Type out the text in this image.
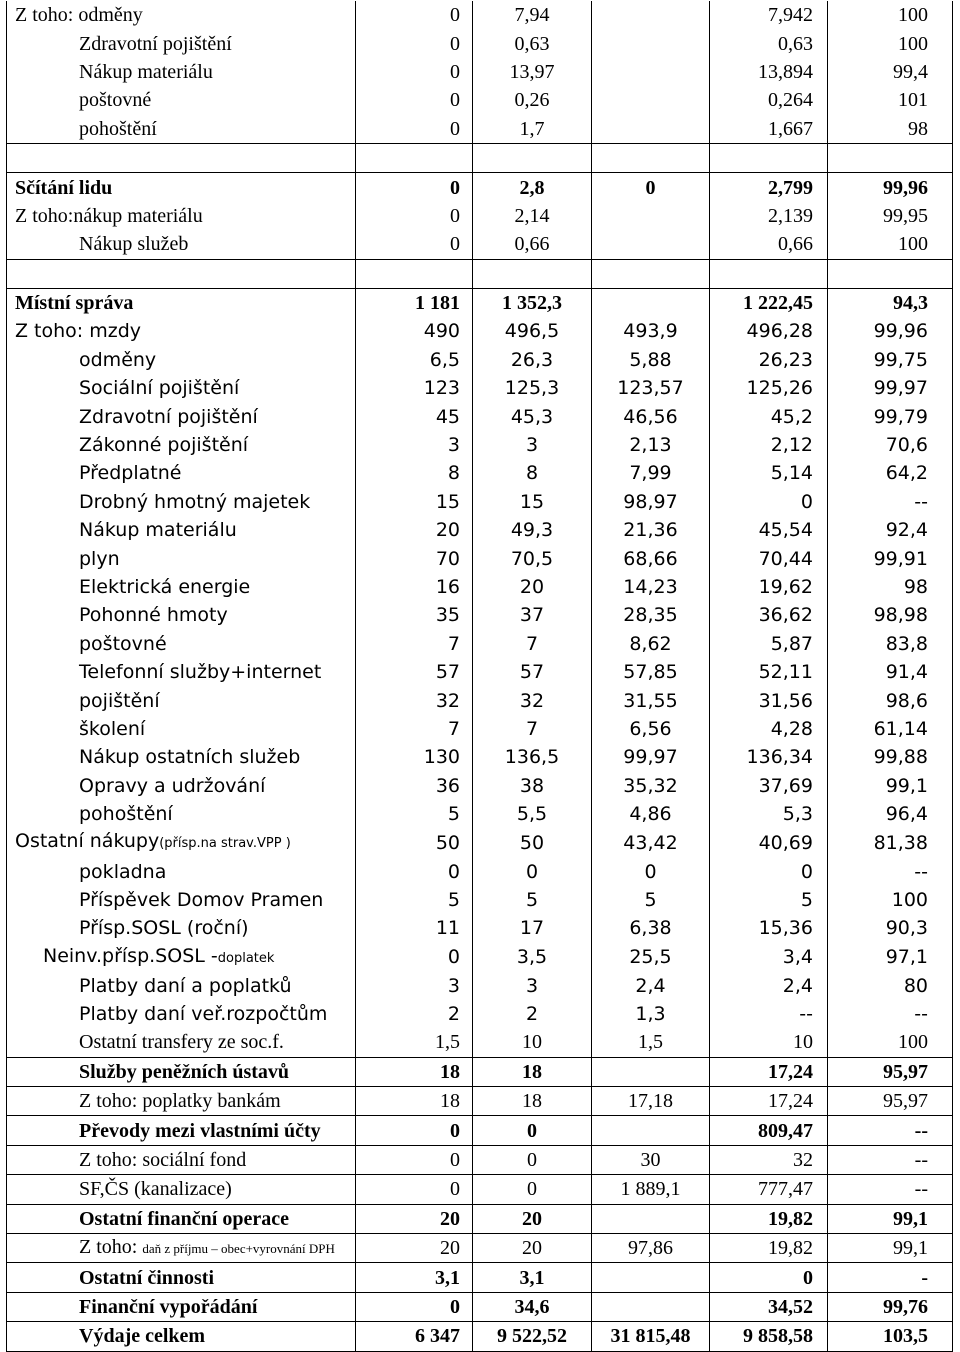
Z toho: odměny	0	7,94		7,942	100
Zdravotní pojištění	0	0,63		0,63	100
Nákup materiálu	0	13,97		13,894	99,4
poštovné	0	0,26		0,264	101
pohoštění	0	1,7		1,667	98

Sčítání lidu	0	2,8	0	2,799	99,96
Z toho:nákup materiálu	0	2,14		2,139	99,95
Nákup služeb	0	0,66		0,66	100

Místní správa	1 181	1 352,3		1 222,45	94,3
Z toho: mzdy	490	496,5	493,9	496,28	99,96
odměny	6,5	26,3	5,88	26,23	99,75
Sociální pojištění	123	125,3	123,57	125,26	99,97
Zdravotní pojištění	45	45,3	46,56	45,2	99,79
Zákonné pojištění	3	3	2,13	2,12	70,6
Předplatné	8	8	7,99	5,14	64,2
Drobný hmotný majetek	15	15	98,97	0	--
Nákup materiálu	20	49,3	21,36	45,54	92,4
plyn	70	70,5	68,66	70,44	99,91
Elektrická energie	16	20	14,23	19,62	98
Pohonné hmoty	35	37	28,35	36,62	98,98
poštovné	7	7	8,62	5,87	83,8
Telefonní služby+internet	57	57	57,85	52,11	91,4
pojištění	32	32	31,55	31,56	98,6
školení	7	7	6,56	4,28	61,14
Nákup ostatních služeb	130	136,5	99,97	136,34	99,88
Opravy a udržování	36	38	35,32	37,69	99,1
pohoštění	5	5,5	4,86	5,3	96,4
Ostatní nákupy(přísp.na strav.VPP )	50	50	43,42	40,69	81,38
pokladna	0	0	0	0	--
Příspěvek Domov Pramen	5	5	5	5	100
Přísp.SOSL (roční)	11	17	6,38	15,36	90,3
Neinv.přísp.SOSL -doplatek	0	3,5	25,5	3,4	97,1
Platby daní a poplatků	3	3	2,4	2,4	80
Platby daní veř.rozpočtům	2	2	1,3	--	--
Ostatní transfery ze soc.f.	1,5	10	1,5	10	100
Služby peněžních ústavů	18	18		17,24	95,97
Z toho: poplatky bankám	18	18	17,18	17,24	95,97
Převody mezi vlastními účty	0	0		809,47	--
Z toho: sociální fond	0	0	30	32	--
SF,ČS (kanalizace)	0	0	1 889,1	777,47	--
Ostatní finanční operace	20	20		19,82	99,1
Z toho: daň z příjmu – obec+vyrovnání DPH	20	20	97,86	19,82	99,1
Ostatní činnosti	3,1	3,1		0	-
Finanční vypořádání	0	34,6		34,52	99,76
Výdaje celkem	6 347	9 522,52	31 815,48	9 858,58	103,5
